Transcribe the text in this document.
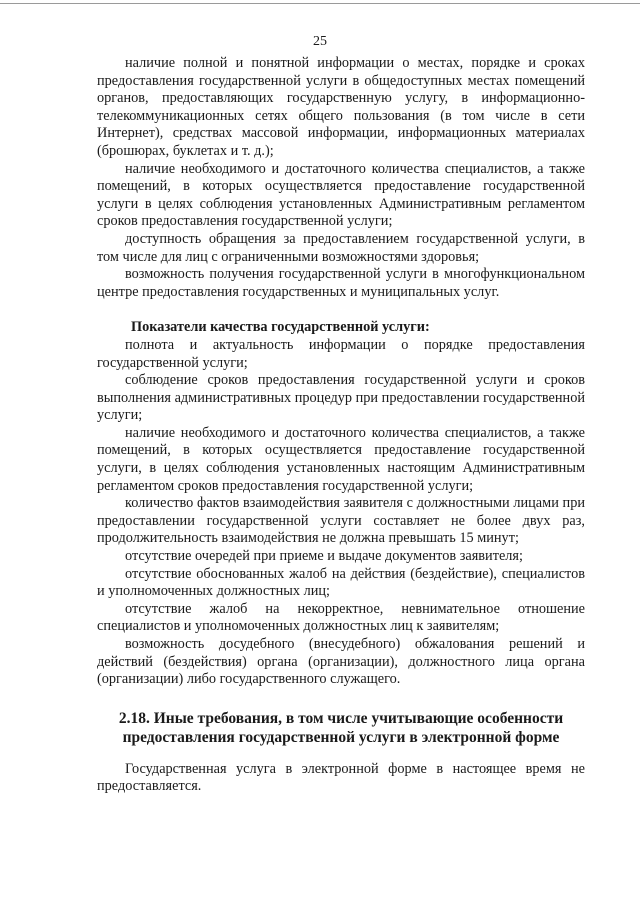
25

наличие полной и понятной информации о местах, порядке и сроках предоставления государственной услуги в общедоступных местах помещений органов, предоставляющих государственную услугу, в информационно-телекоммуникационных сетях общего пользования (в том числе в сети Интернет), средствах массовой информации, информационных материалах (брошюрах, буклетах и т. д.);

наличие необходимого и достаточного количества специалистов, а также помещений, в которых осуществляется предоставление государственной услуги в целях соблюдения установленных Административным регламентом сроков предоставления государственной услуги;

доступность обращения за предоставлением государственной услуги, в том числе для лиц с ограниченными возможностями здоровья;

возможность получения государственной услуги в многофункциональном центре предоставления государственных и муниципальных услуг.

Показатели качества государственной услуги:

полнота и актуальность информации о порядке предоставления государственной услуги;

соблюдение сроков предоставления государственной услуги и сроков выполнения административных процедур при предоставлении государственной услуги;

наличие необходимого и достаточного количества специалистов, а также помещений, в которых осуществляется предоставление государственной услуги, в целях соблюдения установленных настоящим Административным регламентом сроков предоставления государственной услуги;

количество фактов взаимодействия заявителя с должностными лицами при предоставлении государственной услуги составляет не более двух раз, продолжительность взаимодействия не должна превышать 15 минут;

отсутствие очередей при приеме и выдаче документов заявителя;

отсутствие обоснованных жалоб на действия (бездействие), специалистов и уполномоченных должностных лиц;

отсутствие жалоб на некорректное, невнимательное отношение специалистов и уполномоченных должностных лиц к заявителям;

возможность досудебного (внесудебного) обжалования решений и действий (бездействия) органа (организации), должностного лица органа (организации) либо государственного служащего.

2.18. Иные требования, в том числе учитывающие особенности
предоставления государственной услуги в электронной форме

Государственная услуга в электронной форме в настоящее время не предоставляется.
